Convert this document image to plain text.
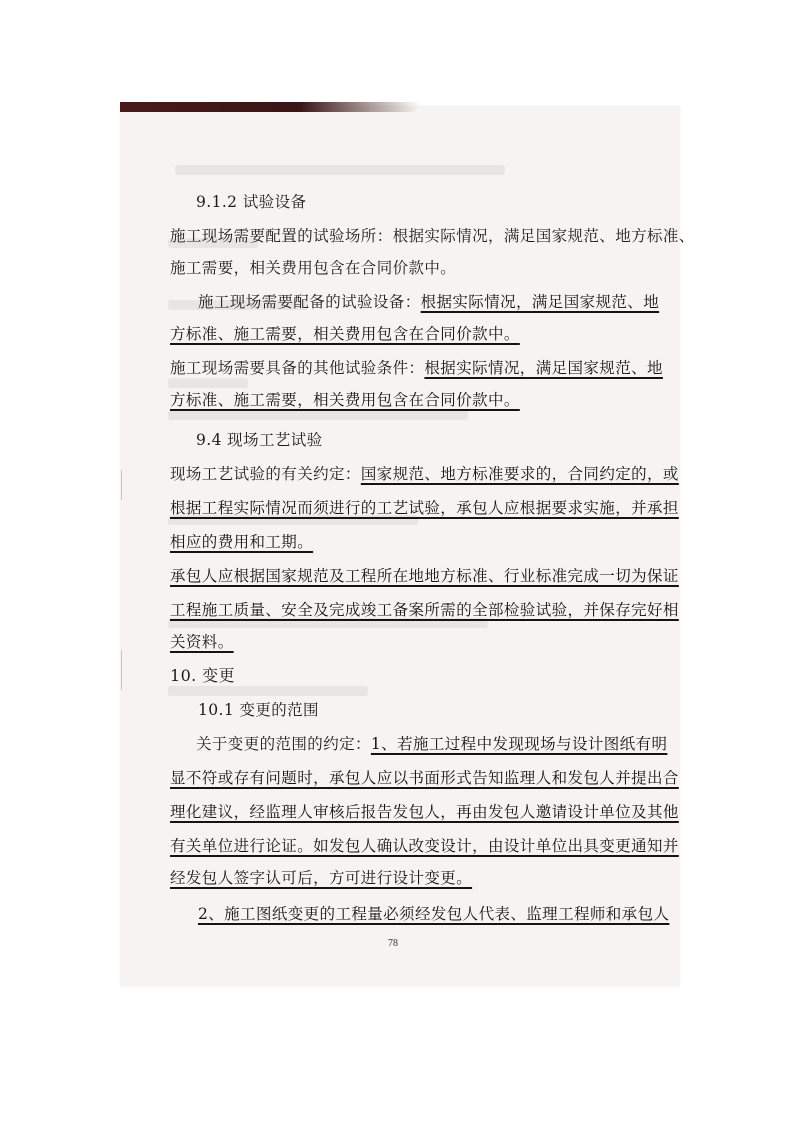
9.1.2 试验设备
施工现场需要配置的试验场所：根据实际情况，满足国家规范、地方标准、
施工需要，相关费用包含在合同价款中。
施工现场需要配备的试验设备：根据实际情况，满足国家规范、地
方标准、施工需要，相关费用包含在合同价款中。
施工现场需要具备的其他试验条件：根据实际情况，满足国家规范、地
方标准、施工需要，相关费用包含在合同价款中。
9.4 现场工艺试验
现场工艺试验的有关约定：国家规范、地方标准要求的，合同约定的，或
根据工程实际情况而须进行的工艺试验，承包人应根据要求实施，并承担
相应的费用和工期。
承包人应根据国家规范及工程所在地地方标准、行业标准完成一切为保证
工程施工质量、安全及完成竣工备案所需的全部检验试验，并保存完好相
关资料。
10. 变更
10.1 变更的范围
关于变更的范围的约定：1、若施工过程中发现现场与设计图纸有明
显不符或存有问题时，承包人应以书面形式告知监理人和发包人并提出合
理化建议，经监理人审核后报告发包人，再由发包人邀请设计单位及其他
有关单位进行论证。如发包人确认改变设计，由设计单位出具变更通知并
经发包人签字认可后，方可进行设计变更。
2、施工图纸变更的工程量必须经发包人代表、监理工程师和承包人
78
